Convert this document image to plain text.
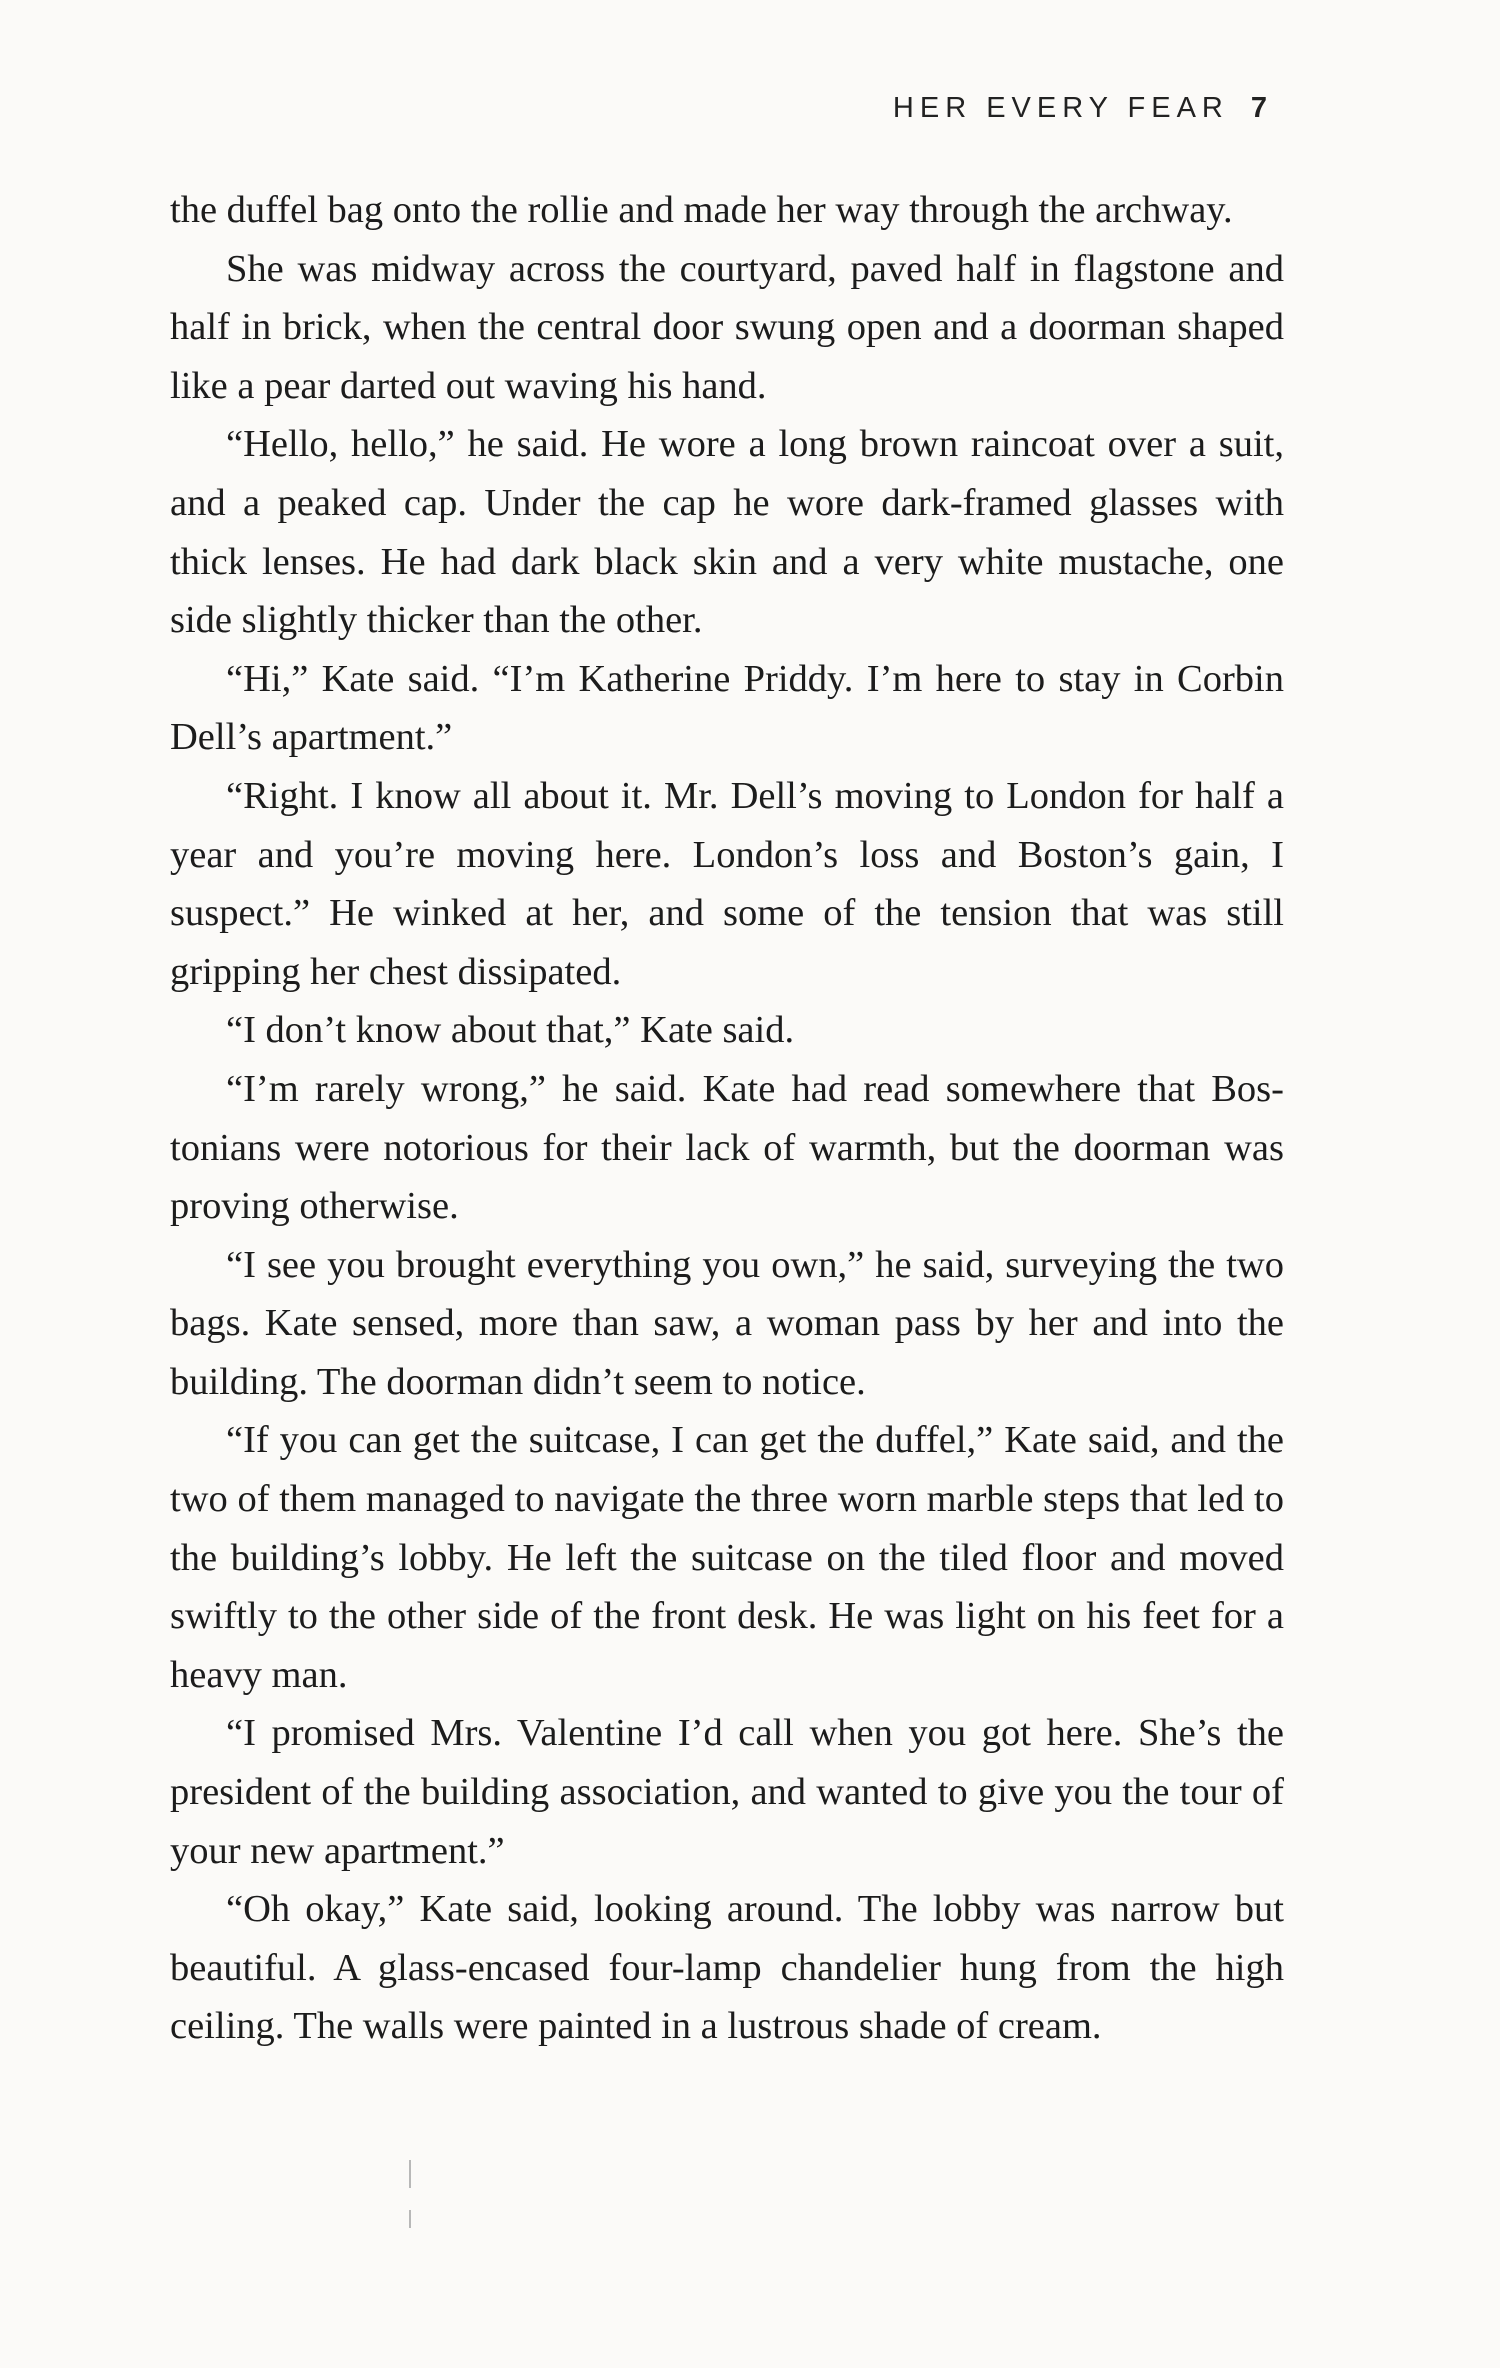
HER EVERY FEAR 7

the duffel bag onto the rollie and made her way through the archway.

She was midway across the courtyard, paved half in flagstone and half in brick, when the central door swung open and a doorman shaped like a pear darted out waving his hand.

“Hello, hello,” he said. He wore a long brown raincoat over a suit, and a peaked cap. Under the cap he wore dark-framed glasses with thick lenses. He had dark black skin and a very white mustache, one side slightly thicker than the other.

“Hi,” Kate said. “I’m Katherine Priddy. I’m here to stay in Corbin Dell’s apartment.”

“Right. I know all about it. Mr. Dell’s moving to London for half a year and you’re moving here. London’s loss and Boston’s gain, I suspect.” He winked at her, and some of the tension that was still gripping her chest dissipated.

“I don’t know about that,” Kate said.

“I’m rarely wrong,” he said. Kate had read somewhere that Bostonians were notorious for their lack of warmth, but the doorman was proving otherwise.

“I see you brought everything you own,” he said, surveying the two bags. Kate sensed, more than saw, a woman pass by her and into the building. The doorman didn’t seem to notice.

“If you can get the suitcase, I can get the duffel,” Kate said, and the two of them managed to navigate the three worn marble steps that led to the building’s lobby. He left the suitcase on the tiled floor and moved swiftly to the other side of the front desk. He was light on his feet for a heavy man.

“I promised Mrs. Valentine I’d call when you got here. She’s the president of the building association, and wanted to give you the tour of your new apartment.”

“Oh okay,” Kate said, looking around. The lobby was narrow but beautiful. A glass-encased four-lamp chandelier hung from the high ceiling. The walls were painted in a lustrous shade of cream.
